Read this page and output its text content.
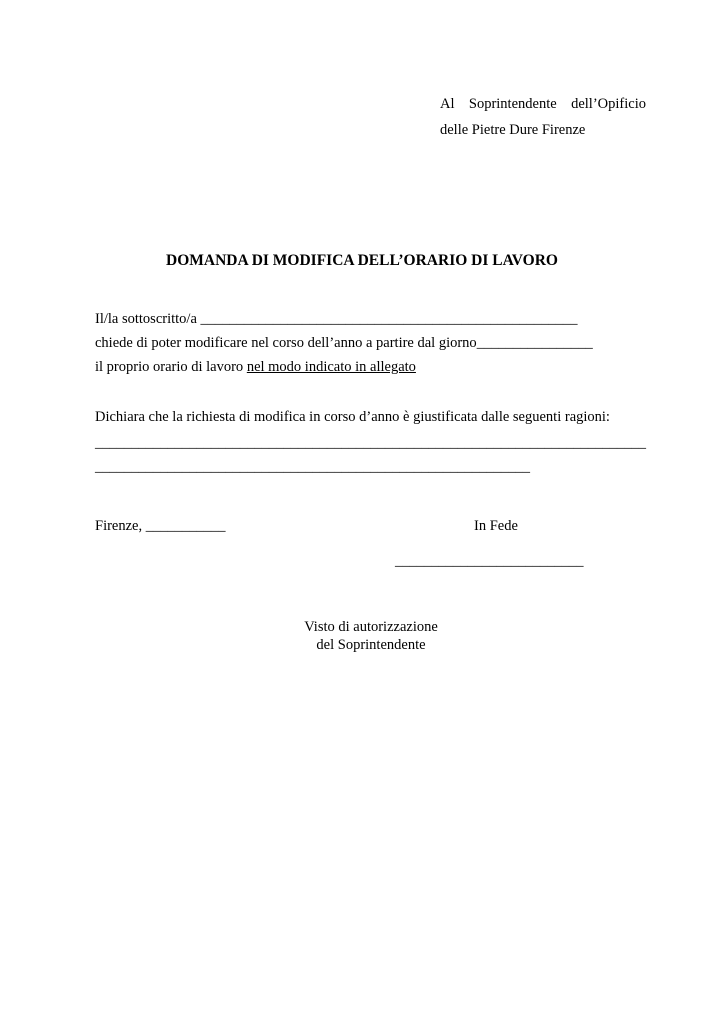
Al Soprintendente dell’Opificio
delle Pietre Dure Firenze
DOMANDA DI MODIFICA DELL’ORARIO DI LAVORO
Il/la sottoscritto/a ____________________________________________________
chiede di poter modificare nel corso dell’anno a partire dal giorno________________
il proprio orario di lavoro nel modo indicato in allegato
Dichiara che la richiesta di modifica in corso d’anno è giustificata dalle seguenti ragioni:
____________________________________________________________________________
____________________________________________________________
Firenze, ___________	In Fede
__________________________
Visto di autorizzazione
del Soprintendente
